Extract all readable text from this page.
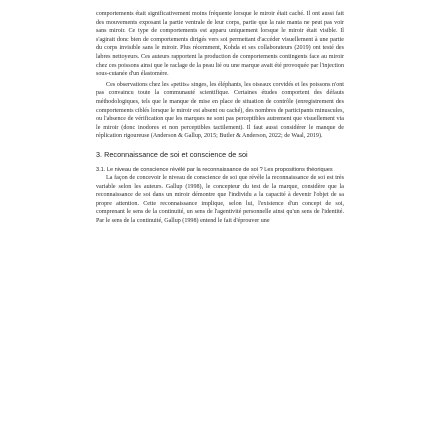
comportements était significativement moins fréquente lorsque le miroir était caché. Il ont aussi fait des mouvements exposant la partie ventrale de leur corps, partie que la raie manta ne peut pas voir sans miroir. Ce type de comportements est apparu uniquement lorsque le miroir était visible. Il s'agirait donc bien de comportements dirigés vers soi permettant d'accéder visuellement à une partie du corps invisible sans le miroir. Plus récemment, Kohda et ses collaborateurs (2019) ont testé des labres nettoyeurs. Ces auteurs rapportent la production de comportements contingents face au miroir chez ces poissons ainsi que le raclage de la peau lié ou une marque avait été provoquée par l'injection sous-cutanée d'un élastomère.

Ces observations chez les «petits» singes, les éléphants, les oiseaux corvidés et les poissons n'ont pas convaincu toute la communauté scientifique. Certaines études comportent des défauts méthodologiques, tels que le manque de mise en place de situation de contrôle (enregistrement des comportements ciblés lorsque le miroir est absent ou caché), des nombres de participants minuscules, ou l'absence de vérification que les marques ne sont pas perceptibles autrement que visuellement via le miroir (donc inodores et non perceptibles tactilement). Il faut aussi considérer le manque de réplication rigoureuse (Anderson & Gallup, 2015; Butler & Anderson, 2022; de Waal, 2019).

3. Reconnaissance de soi et conscience de soi
3.1. Le niveau de conscience révélé par la reconnaissance de soi ? Les propositions théoriques

La façon de concevoir le niveau de conscience de soi que révèle la reconnaissance de soi est très variable selon les auteurs. Gallup (1998), le concepteur du test de la marque, considère que la reconnaissance de soi dans un miroir démontre que l'individu a la capacité à devenir l'objet de sa propre attention. Cette reconnaissance implique, selon lui, l'existence d'un concept de soi, comprenant le sens de la continuité, un sens de l'agentivité personnelle ainsi qu'un sens de l'identité. Par le sens de la continuité, Gallup (1998) entend le fait d'éprouver une
